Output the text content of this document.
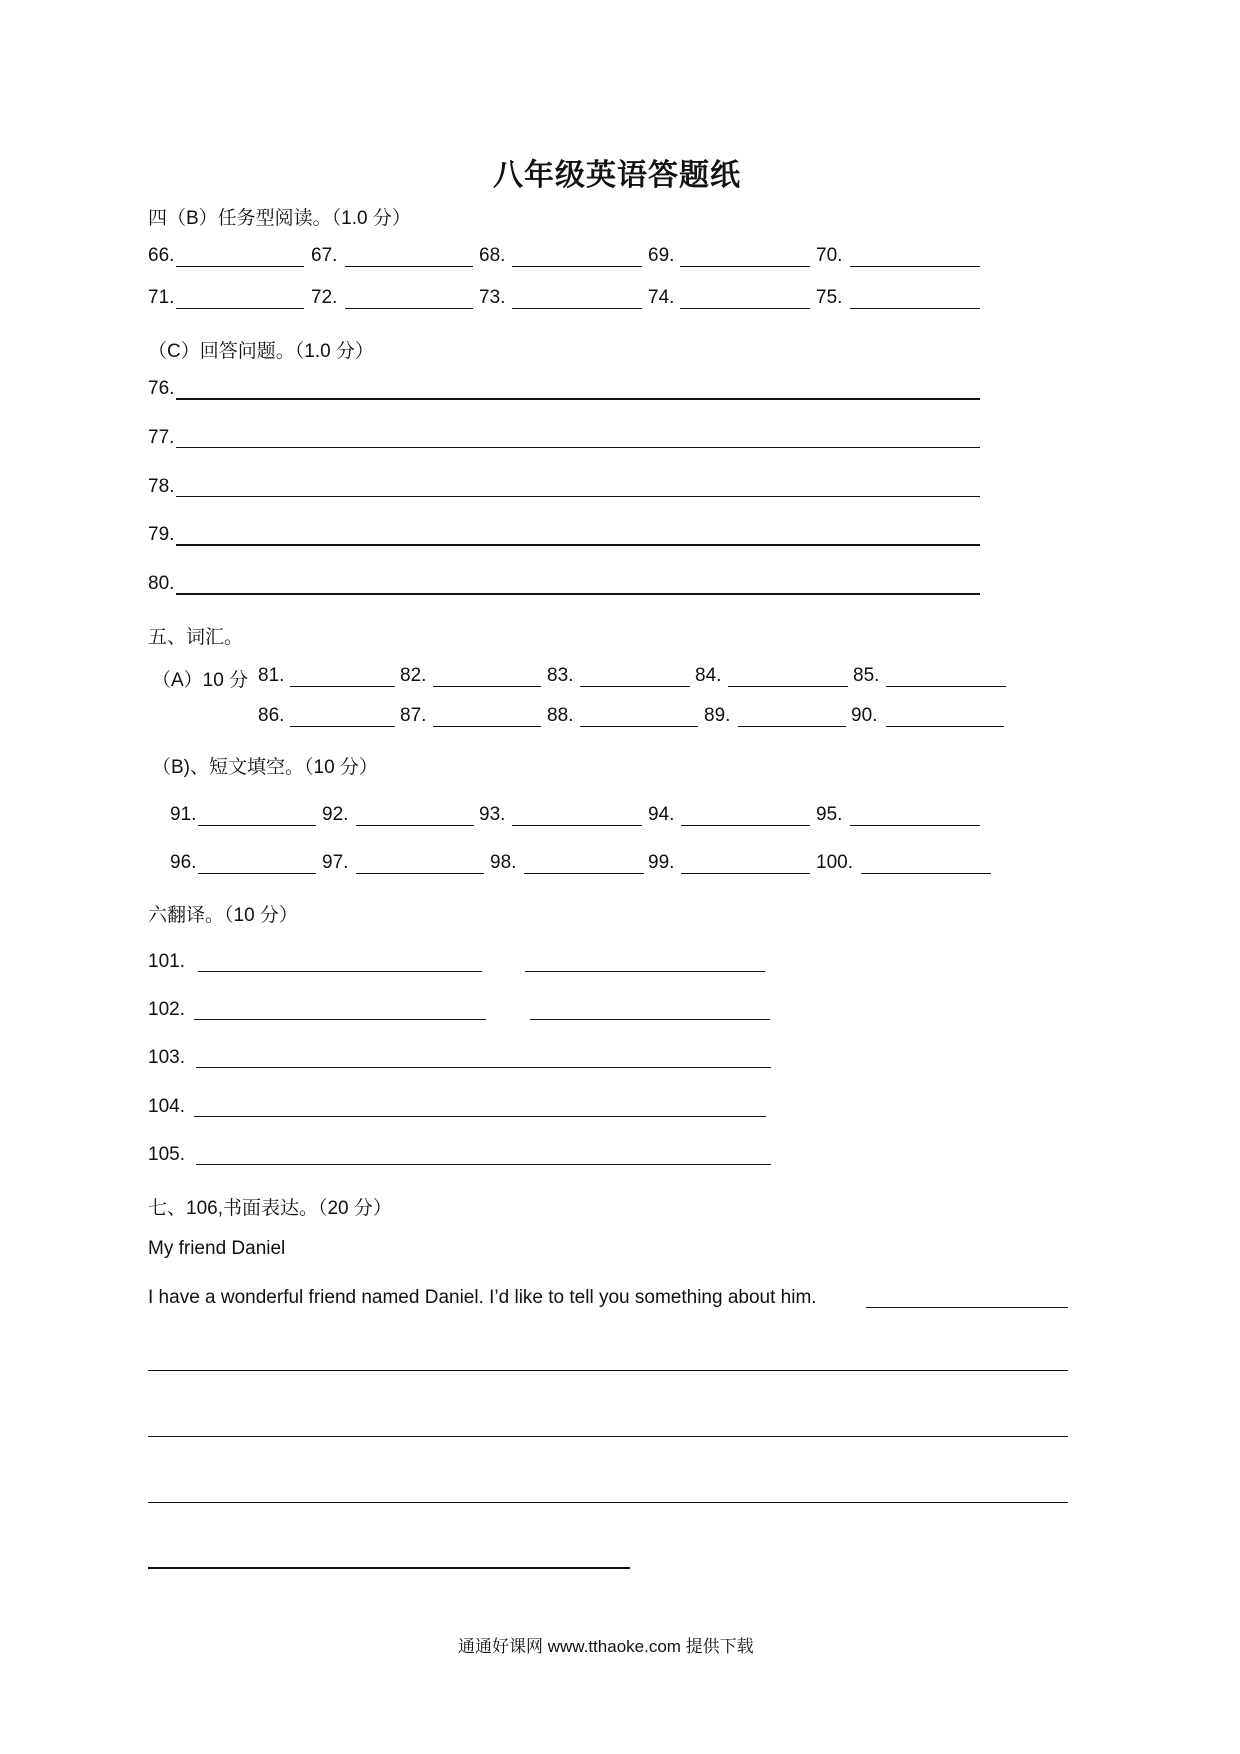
八年级英语答题纸
四（B）任务型阅读。（1.0 分）
66.	67.	68.	69.	70.
71.	72.	73.	74.	75.
（C）回答问题。（1.0 分）
76.
77.
78.
79.
80.
五、词汇。
（A）10 分 81.	82.	83.	84.	85.
86.	87.	88.	89.	90.
（B)、短文填空。（10 分）
91.	92.	93.	94.	95.
96.	97.	98.	99.	100.
六翻译。（10 分）
101.
102.
103.
104.
105.
七、106,书面表达。（20 分）
My friend Daniel
I have a wonderful friend named Daniel. I’d like to tell you something about him.
通通好课网 www.tthaoke.com 提供下载
